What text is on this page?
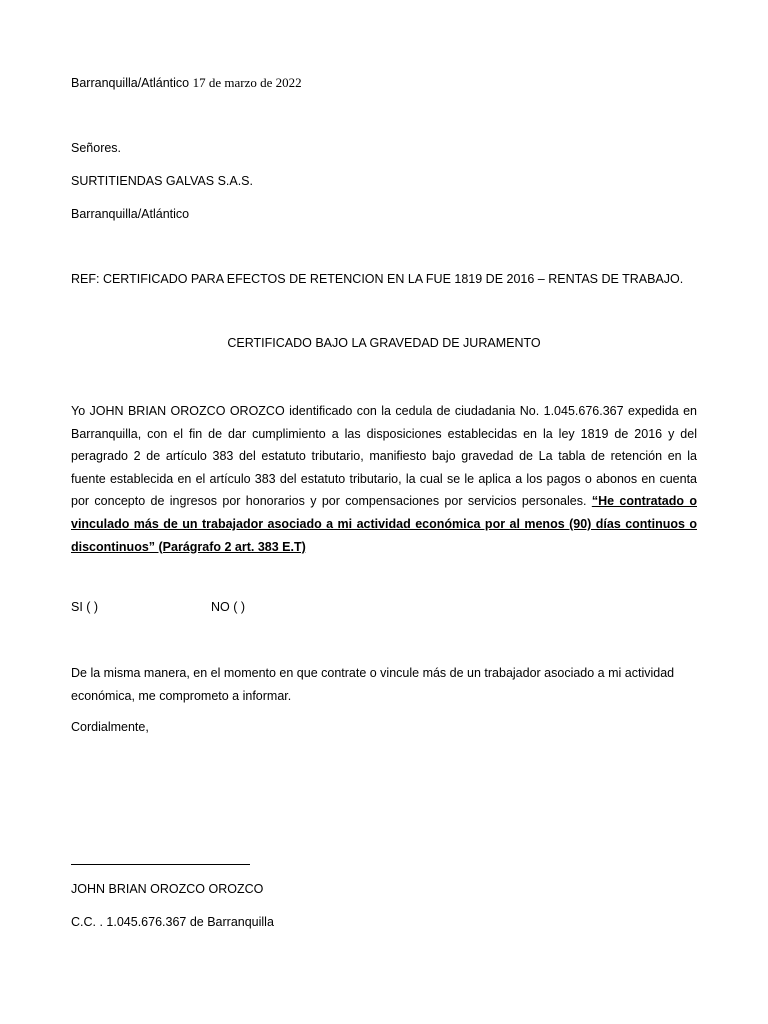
Barranquilla/Atlántico 17 de marzo de 2022
Señores.
SURTITIENDAS GALVAS S.A.S.
Barranquilla/Atlántico
REF: CERTIFICADO PARA EFECTOS DE RETENCION EN LA FUE 1819 DE 2016 – RENTAS DE TRABAJO.
CERTIFICADO BAJO LA GRAVEDAD DE JURAMENTO
Yo JOHN BRIAN OROZCO OROZCO identificado con la cedula de ciudadania No. 1.045.676.367 expedida en
Barranquilla, con el fin de dar cumplimiento a las disposiciones establecidas en la ley 1819 de 2016 y del
peragrado 2 de artículo 383 del estatuto tributario, manifiesto bajo gravedad de La tabla de retención en la
fuente establecida en el artículo 383 del estatuto tributario, la cual se le aplica a los pagos o abonos en cuenta
por concepto de ingresos por honorarios y por compensaciones por servicios personales. “He contratado o
vinculado más de un trabajador asociado a mi actividad económica por al menos (90) días continuos o
discontinuos” (Parágrafo 2 art. 383 E.T)
SI ( )	NO ( )
De la misma manera, en el momento en que contrate o vincule más de un trabajador asociado a mi actividad económica, me comprometo a informar.
Cordialmente,
JOHN BRIAN OROZCO OROZCO
C.C. . 1.045.676.367 de Barranquilla
